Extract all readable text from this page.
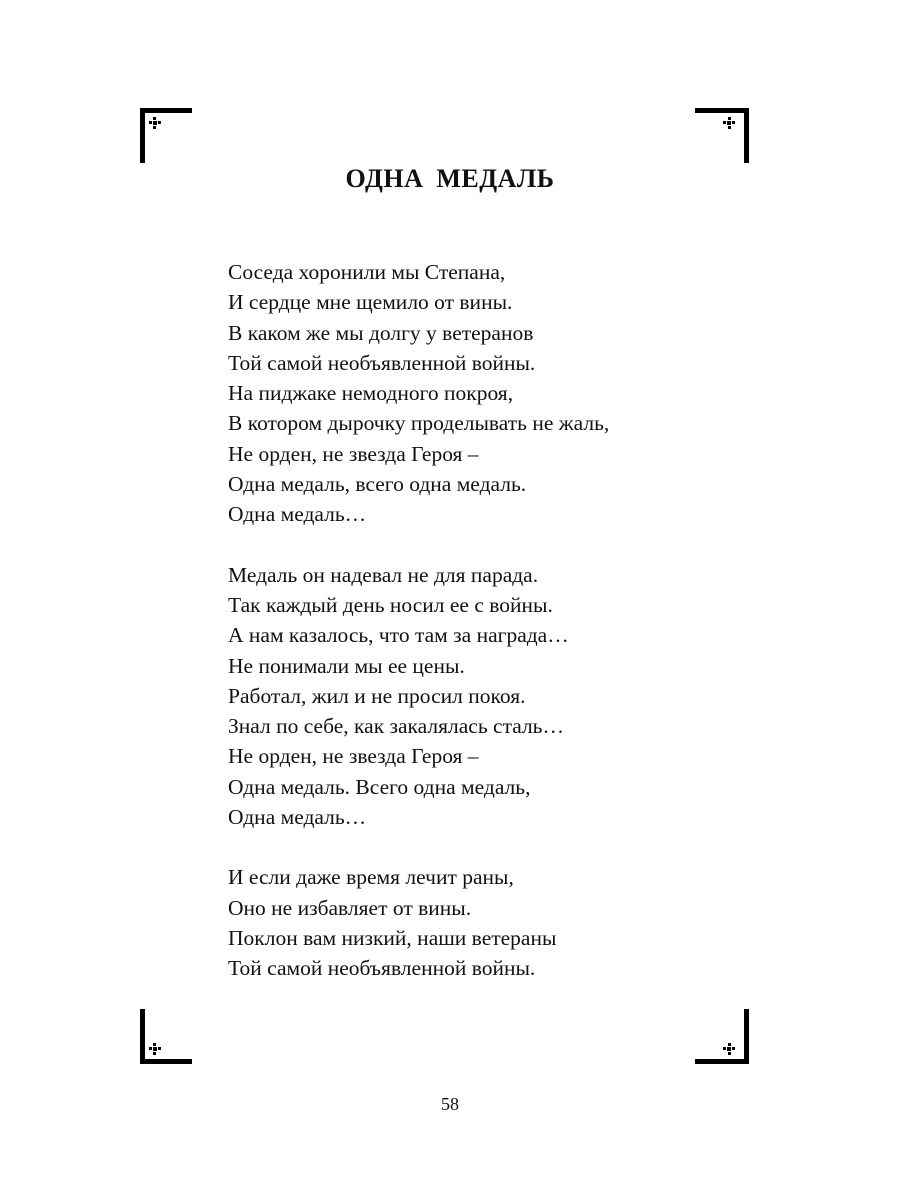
ОДНА МЕДАЛЬ
Соседа хоронили мы Степана,
И сердце мне щемило от вины.
В каком же мы долгу у ветеранов
Той самой необъявленной войны.
На пиджаке немодного покроя,
В котором дырочку проделывать не жаль,
Не орден, не звезда Героя –
Одна медаль, всего одна медаль.
Одна медаль…
Медаль он надевал не для парада.
Так каждый день носил ее с войны.
А нам казалось, что там за награда…
Не понимали мы ее цены.
Работал, жил и не просил покоя.
Знал по себе, как закалялась сталь…
Не орден, не звезда Героя –
Одна медаль. Всего одна медаль,
Одна медаль…
И если даже время лечит раны,
Оно не избавляет от вины.
Поклон вам низкий, наши ветераны
Той самой необъявленной войны.
58
